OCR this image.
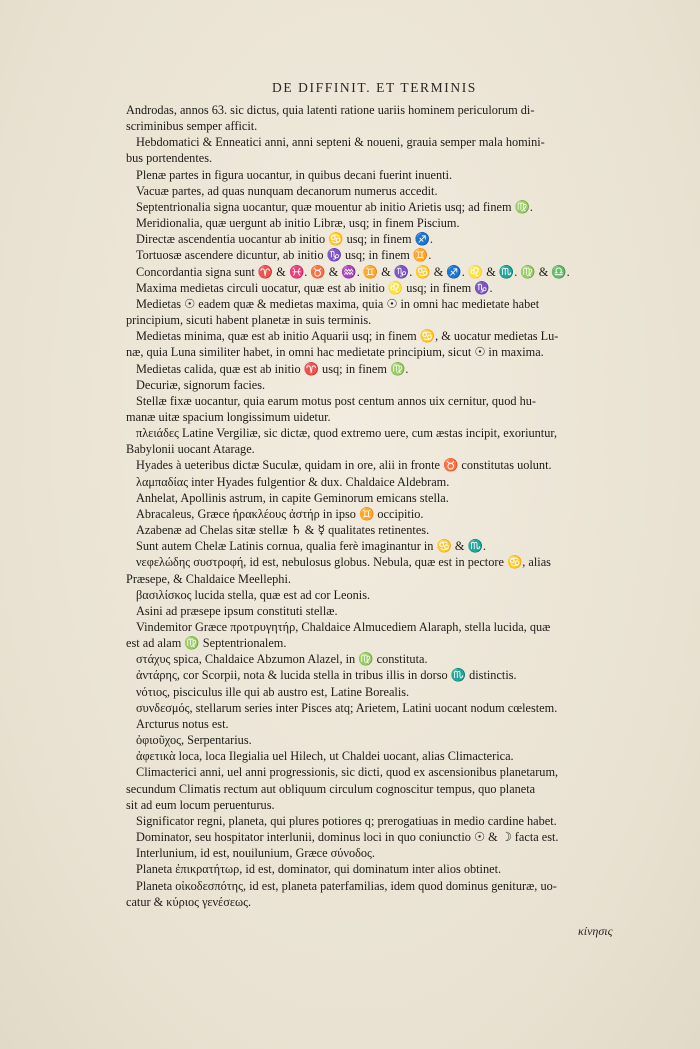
DE DIFFINIT. ET TERMINIS
Androdas, annos 63. sic dictus, quia latenti ratione uariis hominem periculorum di-
scriminibus semper afficit.
Hebdomatici & Enneatici anni, anni septeni & noueni, grauia semper mala homini-
bus portendentes.
Plenæ partes in figura uocantur, in quibus decani fuerint inuenti.
Vacuæ partes, ad quas nunquam decanorum numerus accedit.
Septentrionalia signa uocantur, quæ mouentur ab initio Arietis usq; ad finem ♍.
Meridionalia, quæ uergunt ab initio Libræ, usq; in finem Piscium.
Directæ ascendentia uocantur ab initio ♋ usq; in finem ♐.
Tortuosæ ascendere dicuntur, ab initio ♑ usq; in finem ♊.
Concordantia signa sunt ♈ & ♓. ♉ & ♒. ♊ & ♑. ♋ & ♐. ♌ & ♏. ♍ & ♎.
Maxima medietas circuli uocatur, quæ est ab initio ♌ usq; in finem ♑.
Medietas ☉ eadem quæ & medietas maxima, quia ☉ in omni hac medietate habet
principium, sicuti habent planetæ in suis terminis.
Medietas minima, quæ est ab initio Aquarii usq; in finem ♋, & uocatur medietas Lu-
næ, quia Luna similiter habet, in omni hac medietate principium, sicut ☉ in maxima.
Medietas calida, quæ est ab initio ♈ usq; in finem ♍.
Decuriæ, signorum facies.
Stellæ fixæ uocantur, quia earum motus post centum annos uix cernitur, quod hu-
manæ uitæ spacium longissimum uidetur.
πλειάδες Latine Vergiliæ, sic dictæ, quod extremo uere, cum æstas incipit, exoriuntur,
Babylonii uocant Atarage.
Hyades à ueteribus dictæ Suculæ, quidam in ore, alii in fronte ♉ constitutas uolunt.
λαμπαδίας inter Hyades fulgentior & dux. Chaldaice Aldebram.
Anhelat, Apollinis astrum, in capite Geminorum emicans stella.
Abracaleus, Græce ἡρακλέους ἀστήρ in ipso ♊ occipitio.
Azabenæ ad Chelas sitæ stellæ ♄ & ☿ qualitates retinentes.
Sunt autem Chelæ Latinis cornua, qualia ferè imaginantur in ♋ & ♏.
νεφελώδης συστροφή, id est, nebulosus globus. Nebula, quæ est in pectore ♋, alias
Præsepe, & Chaldaice Meellephi.
βασιλίσκος lucida stella, quæ est ad cor Leonis.
Asini ad præsepe ipsum constituti stellæ.
Vindemitor Græce προτρυγητήρ, Chaldaice Almucediem Alaraph, stella lucida, quæ
est ad alam ♍ Septentrionalem.
στάχυς spica, Chaldaice Abzumon Alazel, in ♍ constituta.
ἀντάρης, cor Scorpii, nota & lucida stella in tribus illis in dorso ♏ distinctis.
νότιος, pisciculus ille qui ab austro est, Latine Borealis.
συνδεσμός, stellarum series inter Pisces atq; Arietem, Latini uocant nodum cœlestem.
Arcturus notus est.
ὀφιοῦχος, Serpentarius.
ἀφετικὰ loca, loca Ilegialia uel Hilech, ut Chaldei uocant, alias Climacterica.
Climacterici anni, uel anni progressionis, sic dicti, quod ex ascensionibus planetarum,
secundum Climatis rectum aut obliquum circulum cognoscitur tempus, quo planeta
sit ad eum locum peruenturus.
Significator regni, planeta, qui plures potiores q; prerogatiuas in medio cardine habet.
Dominator, seu hospitator interlunii, dominus loci in quo coniunctio ☉ & ☽ facta est.
Interlunium, id est, nouilunium, Græce σύνοδος.
Planeta ἐπικρατήτωρ, id est, dominator, qui dominatum inter alios obtinet.
Planeta οἰκοδεσπότης, id est, planeta paterfamilias, idem quod dominus genituræ, uo-
catur & κύριος γενέσεως.
κίνησις
